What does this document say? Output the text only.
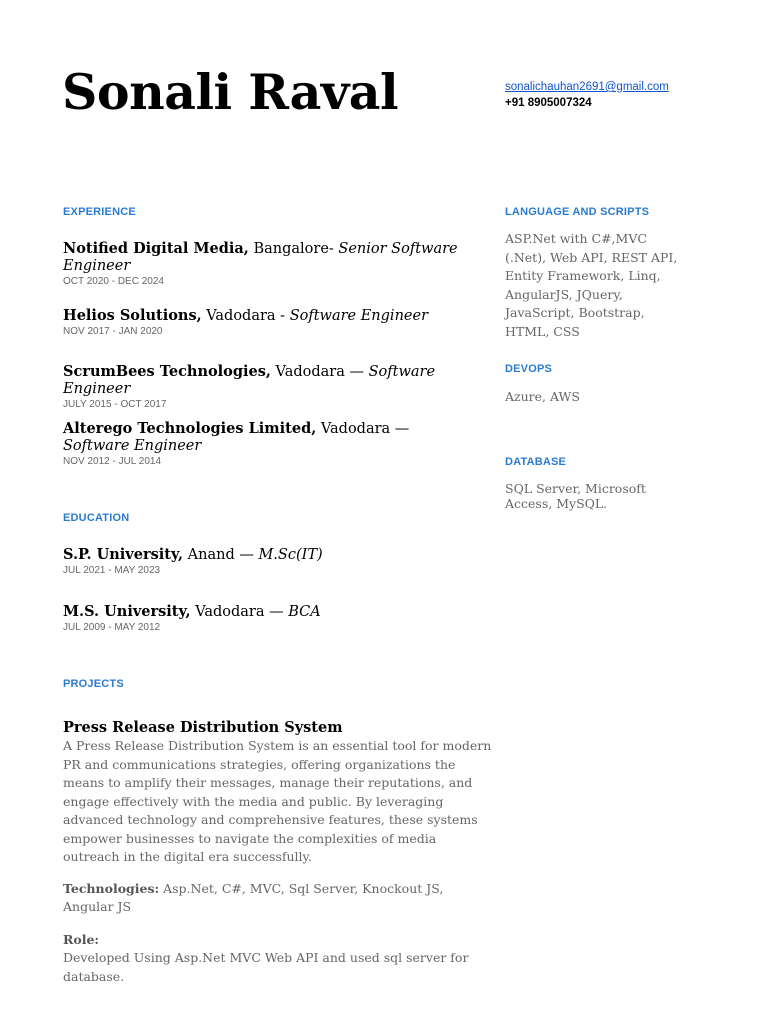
Sonali Raval	sonalichauhan2691@gmail.com
+91 8905007324
EXPERIENCE
Notified Digital Media, Bangalore- Senior Software Engineer
OCT 2020 - DEC 2024
Helios Solutions, Vadodara - Software Engineer
NOV 2017 - JAN 2020
ScrumBees Technologies, Vadodara — Software Engineer
JULY 2015 - OCT 2017
Alterego Technologies Limited, Vadodara — Software Engineer
NOV 2012 - JUL 2014
EDUCATION
S.P. University, Anand — M.Sc(IT)
JUL 2021 - MAY 2023
M.S. University, Vadodara — BCA
JUL 2009 - MAY 2012
PROJECTS
Press Release Distribution System
A Press Release Distribution System is an essential tool for modern PR and communications strategies, offering organizations the means to amplify their messages, manage their reputations, and engage effectively with the media and public. By leveraging advanced technology and comprehensive features, these systems empower businesses to navigate the complexities of media outreach in the digital era successfully.
Technologies: Asp.Net, C#, MVC, Sql Server, Knockout JS, Angular JS
Role:
Developed Using Asp.Net MVC Web API and used sql server for database.
LANGUAGE AND SCRIPTS
ASP.Net with C#,MVC (.Net), Web API, REST API, Entity Framework, Linq, AngularJS, JQuery, JavaScript, Bootstrap, HTML, CSS
DEVOPS
Azure, AWS
DATABASE
SQL Server, Microsoft Access, MySQL.
